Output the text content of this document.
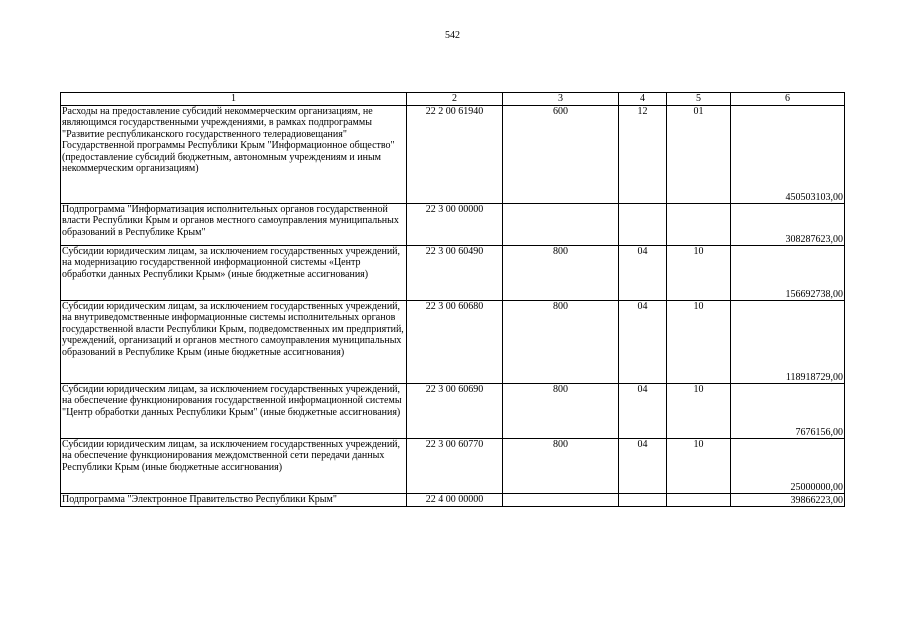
542
1	2	3	4	5	6
Расходы на предоставление субсидий некоммерческим организациям, не являющимся государственными учреждениями, в рамках подпрограммы "Развитие республиканского государственного телерадиовещания" Государственной программы Республики Крым "Информационное общество" (предоставление субсидий бюджетным, автономным учреждениям и иным некоммерческим организациям)	22 2 00 61940	600	12	01	450503103,00
Подпрограмма "Информатизация исполнительных органов государственной власти Республики Крым и органов местного самоуправления муниципальных образований в Республике Крым"	22 3 00 00000				308287623,00
Субсидии юридическим лицам, за исключением государственных учреждений, на модернизацию государственной информационной системы «Центр обработки данных Республики Крым» (иные бюджетные ассигнования)	22 3 00 60490	800	04	10	156692738,00
Субсидии юридическим лицам, за исключением государственных учреждений, на внутриведомственные информационные системы исполнительных органов государственной власти Республики Крым, подведомственных им предприятий, учреждений, организаций и органов местного самоуправления муниципальных образований в Республике Крым (иные бюджетные ассигнования)	22 3 00 60680	800	04	10	118918729,00
Субсидии юридическим лицам, за исключением государственных учреждений, на обеспечение функционирования государственной информационной системы "Центр обработки данных Республики Крым" (иные бюджетные ассигнования)	22 3 00 60690	800	04	10	7676156,00
Субсидии юридическим лицам, за исключением государственных учреждений, на обеспечение функционирования междомственной сети передачи данных Республики Крым (иные бюджетные ассигнования)	22 3 00 60770	800	04	10	25000000,00
Подпрограмма "Электронное Правительство Республики Крым"	22 4 00 00000				39866223,00
